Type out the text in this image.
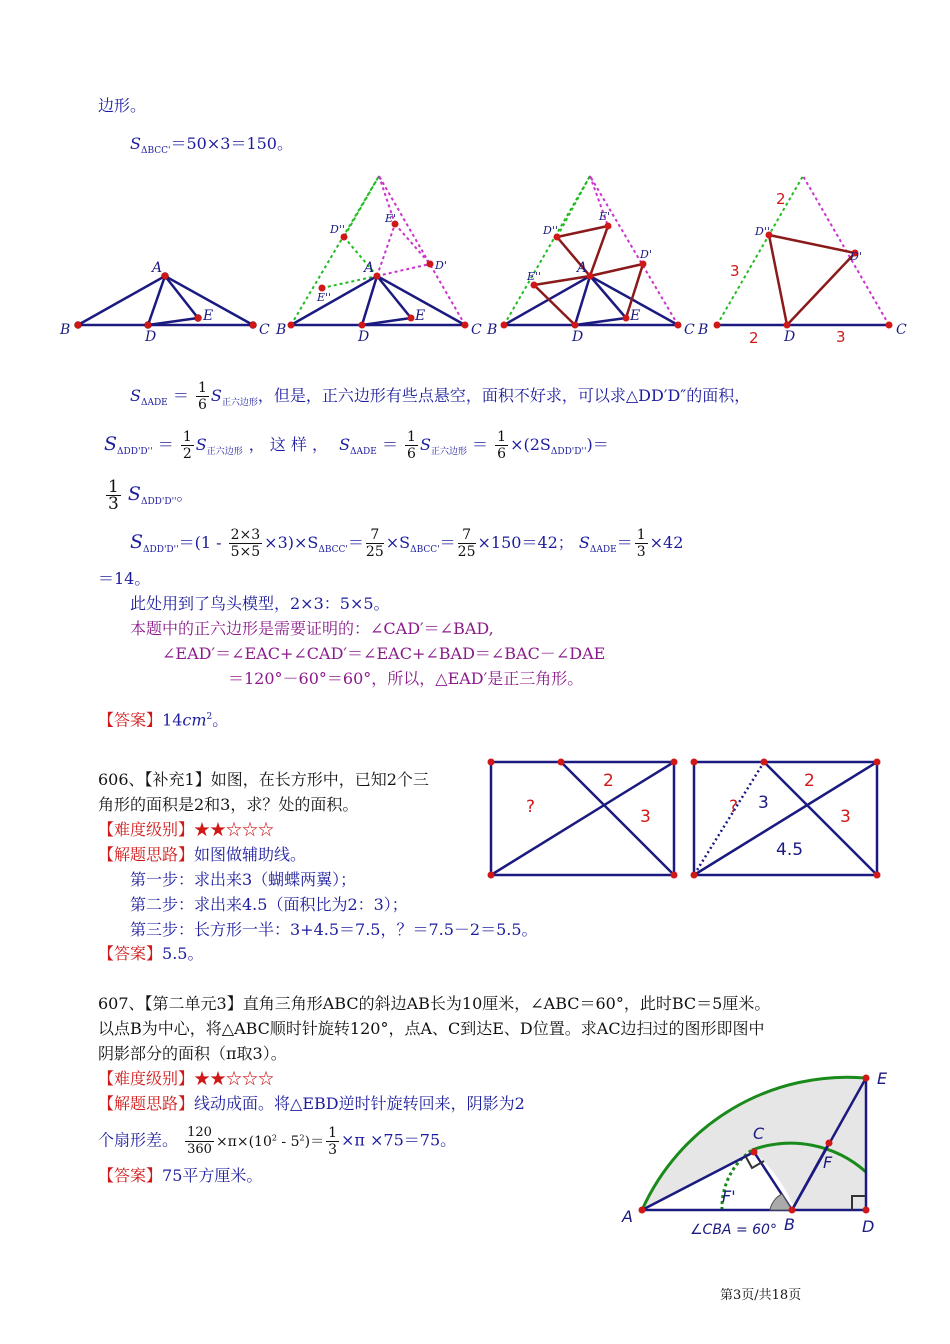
边形。
$S_{\Delta BCC'}=50\times 3=150$。
B
A
D
E
C B
A
D
E
C
D''
E'
D'
E''
B
A
D
E
C
D''
E'
D'
E''
B	D	C
D''
D'
2
3
2	3
$S_{\Delta ADE} = \frac{1}{6} S_{正六边形}$，但是，正六边形有些点悬空，面积不好求，可以求△DD′D″的面积，
$S_{\Delta DD'D''} = \frac{1}{2} S_{正六边形}$ ， 这 样 ， $S_{\Delta ADE} = \frac{1}{6} S_{正六边形} = \frac{1}{6} \times(2S_{\Delta DD'D''})=$
$\frac{1}{3} S_{\Delta DD'D''}$。
$S_{\Delta DD'D''}=(1 - \frac{2\times 3}{5\times 5} \times 3)\times S_{\Delta BCC'}= \frac{7}{25} \times S_{\Delta BCC'}= \frac{7}{25} \times 150=42$； $S_{\Delta ADE}= \frac{1}{3} \times 42$
＝14。
此处用到了鸟头模型，2×3：5×5。
本题中的正六边形是需要证明的：∠CAD′＝∠BAD,
∠EAD′＝∠EAC+∠CAD′＝∠EAC+∠BAD＝∠BAC－∠DAE
＝120°－60°＝60°，所以，△EAD′是正三角形。
【答案】$14cm^2$。
606、【补充1】如图，在长方形中，已知2个三
角形的面积是2和3，求？处的面积。
【难度级别】★★☆☆☆
【解题思路】如图做辅助线。
第一步：求出来3（蝴蝶两翼）；
第二步：求出来4.5（面积比为2：3）；
第三步：长方形一半：3+4.5＝7.5，？＝7.5－2＝5.5。
【答案】5.5。
?
2
3	? 3
2
3
4.5
607、【第二单元3】直角三角形ABC的斜边AB长为10厘米，∠ABC＝60°，此时BC＝5厘米。
以点B为中心，将△ABC顺时针旋转120°，点A、C到达E、D位置。求AC边扫过的图形即图中
阴影部分的面积（π取3）。
【难度级别】★★☆☆☆
【解题思路】线动成面。将△EBD逆时针旋转回来，阴影为2
个扇形差。 $\frac{120}{360} \times\pi\times(10^2 - 5^2)= \frac{1}{3} \times\pi \times 75=75$。
【答案】75平方厘米。
A
C
B	D
E
F
F'
∠CBA = 60°
第3页/共18页
